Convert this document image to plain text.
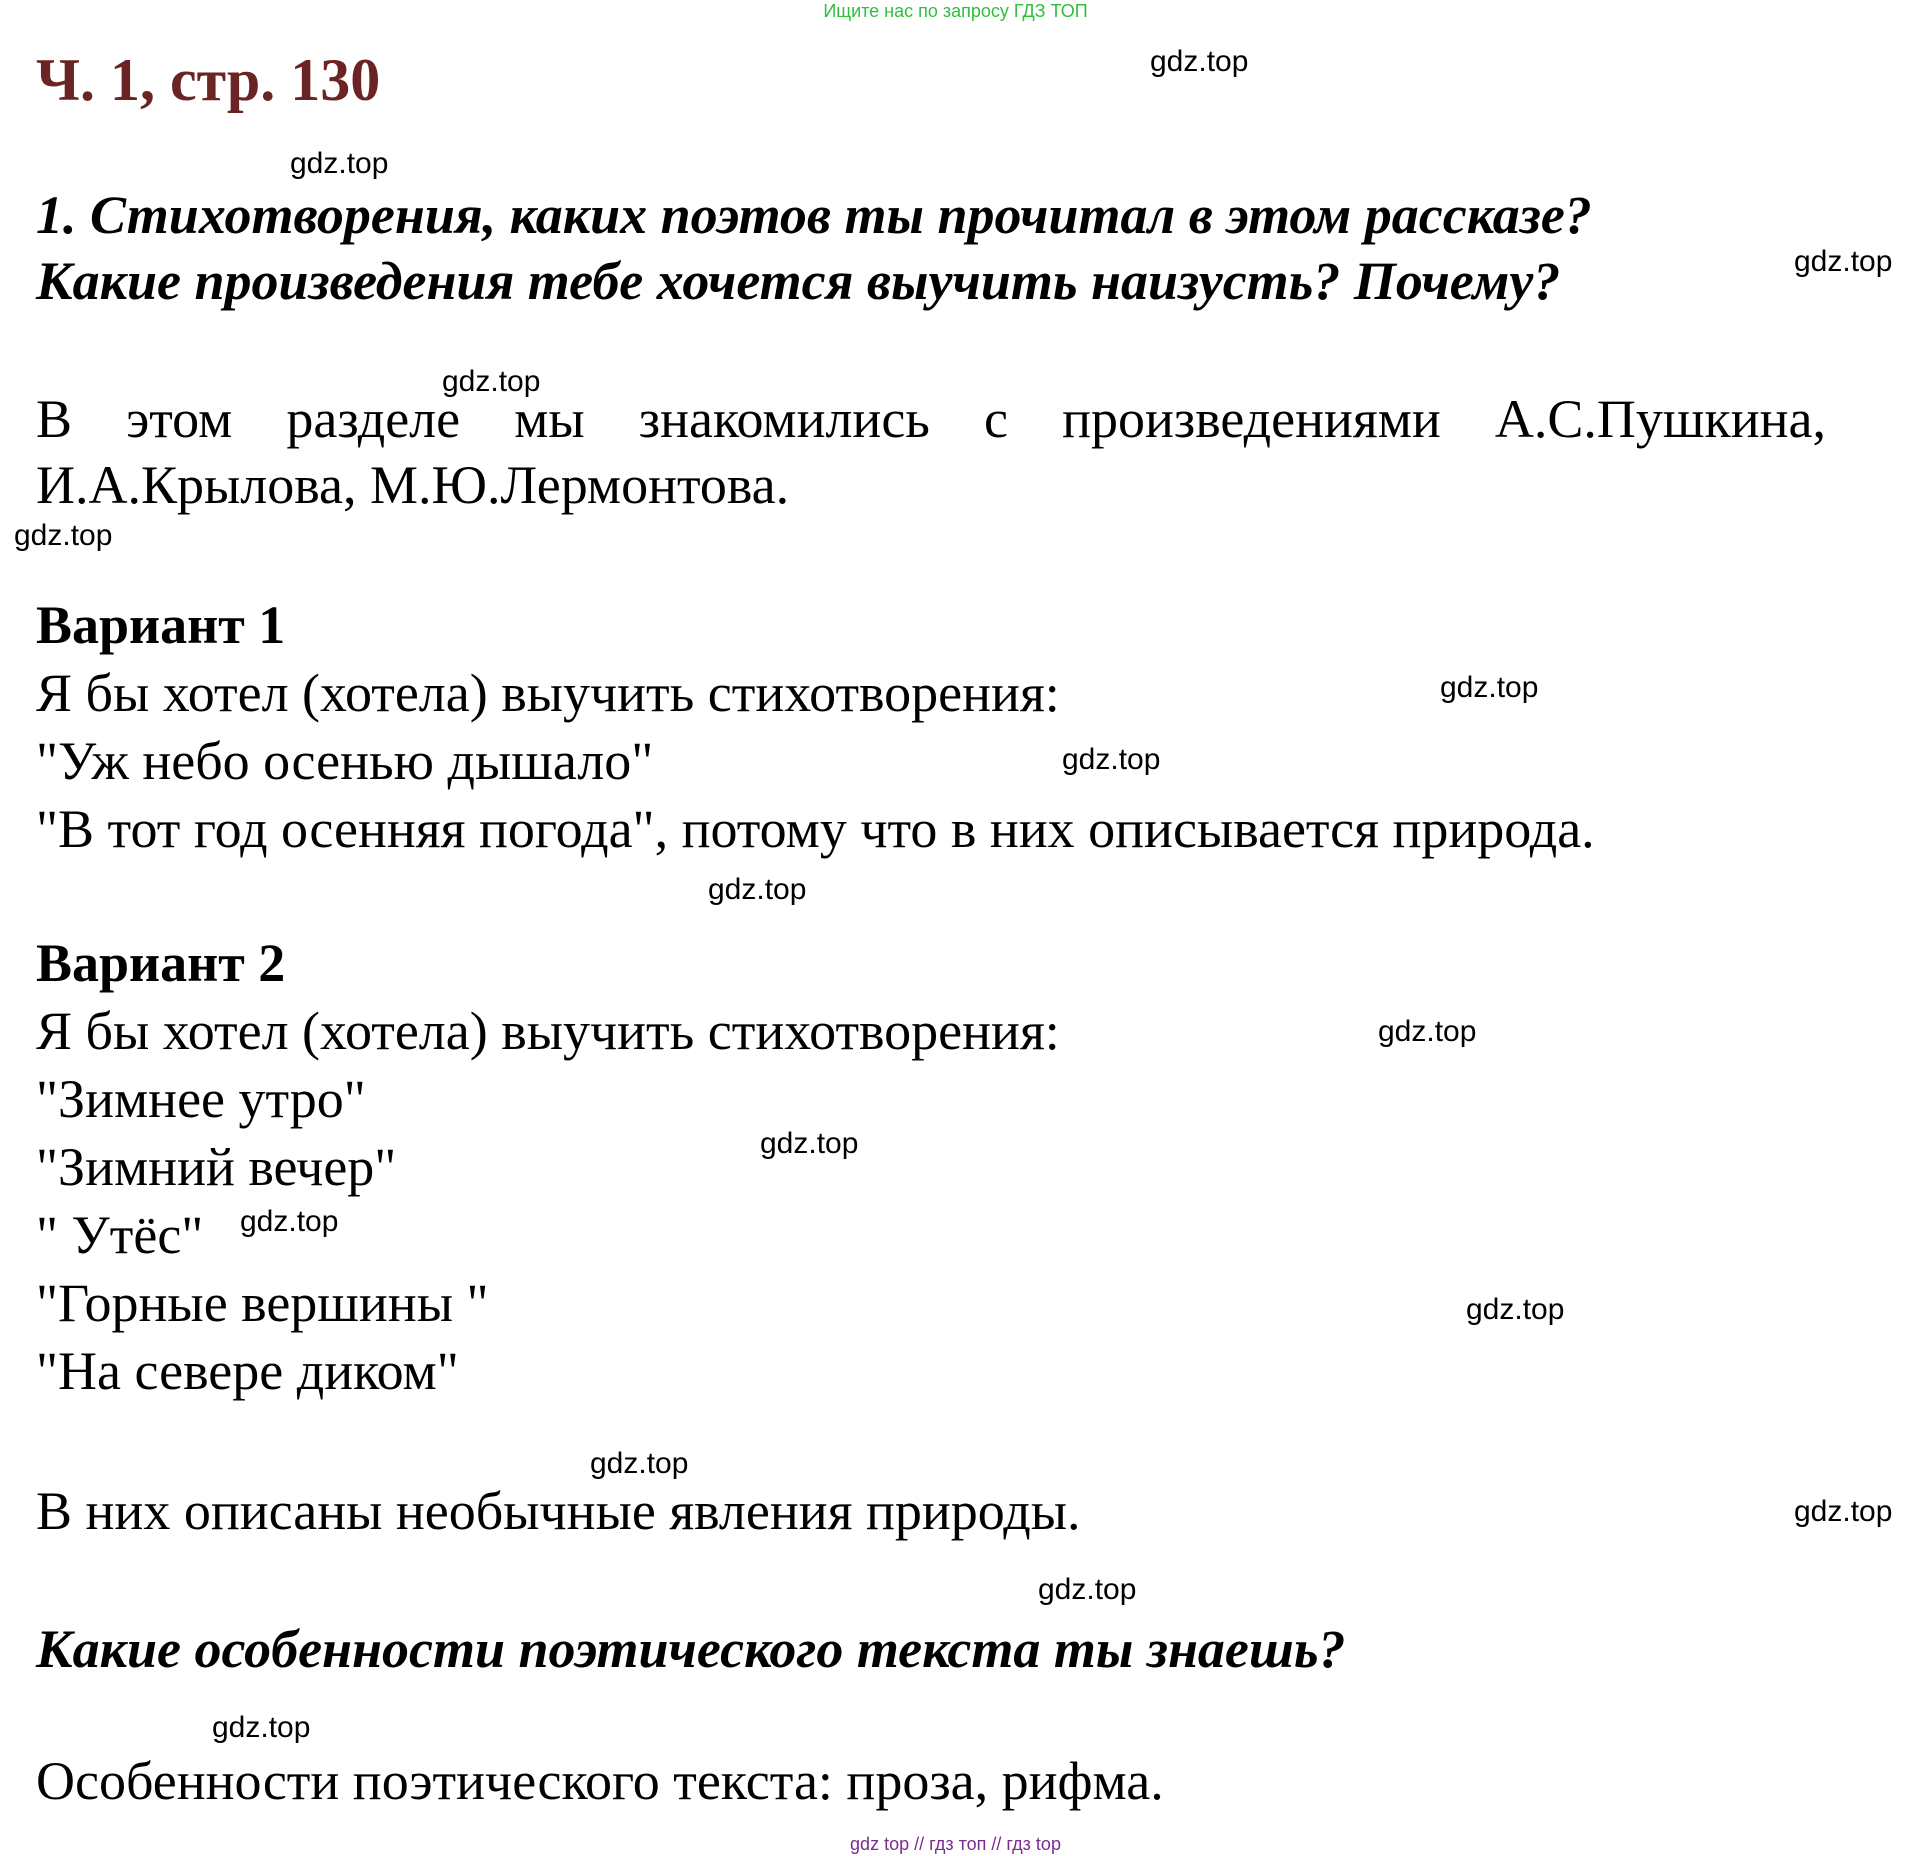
Ищите нас по запросу ГДЗ ТОП
Ч. 1, стр. 130
1. Стихотворения, каких поэтов ты прочитал в этом рассказе?
Какие произведения тебе хочется выучить наизусть? Почему?
В этом разделе мы знакомились с произведениями А.С.Пушкина, И.А.Крылова, М.Ю.Лермонтова.
Вариант 1
Я бы хотел (хотела) выучить стихотворения:
"Уж небо осенью дышало"
"В тот год осенняя погода", потому что в них описывается природа.
Вариант 2
Я бы хотел (хотела) выучить стихотворения:
"Зимнее утро"
"Зимний вечер"
" Утёс"
"Горные вершины "
"На севере диком"
В них описаны необычные явления природы.
Какие особенности поэтического текста ты знаешь?
Особенности поэтического текста: проза, рифма.
gdz.top
gdz.top
gdz.top
gdz.top
gdz.top
gdz.top
gdz.top
gdz.top
gdz.top
gdz.top
gdz.top
gdz.top
gdz.top
gdz.top
gdz.top
gdz.top
gdz top // гдз топ // гдз top
